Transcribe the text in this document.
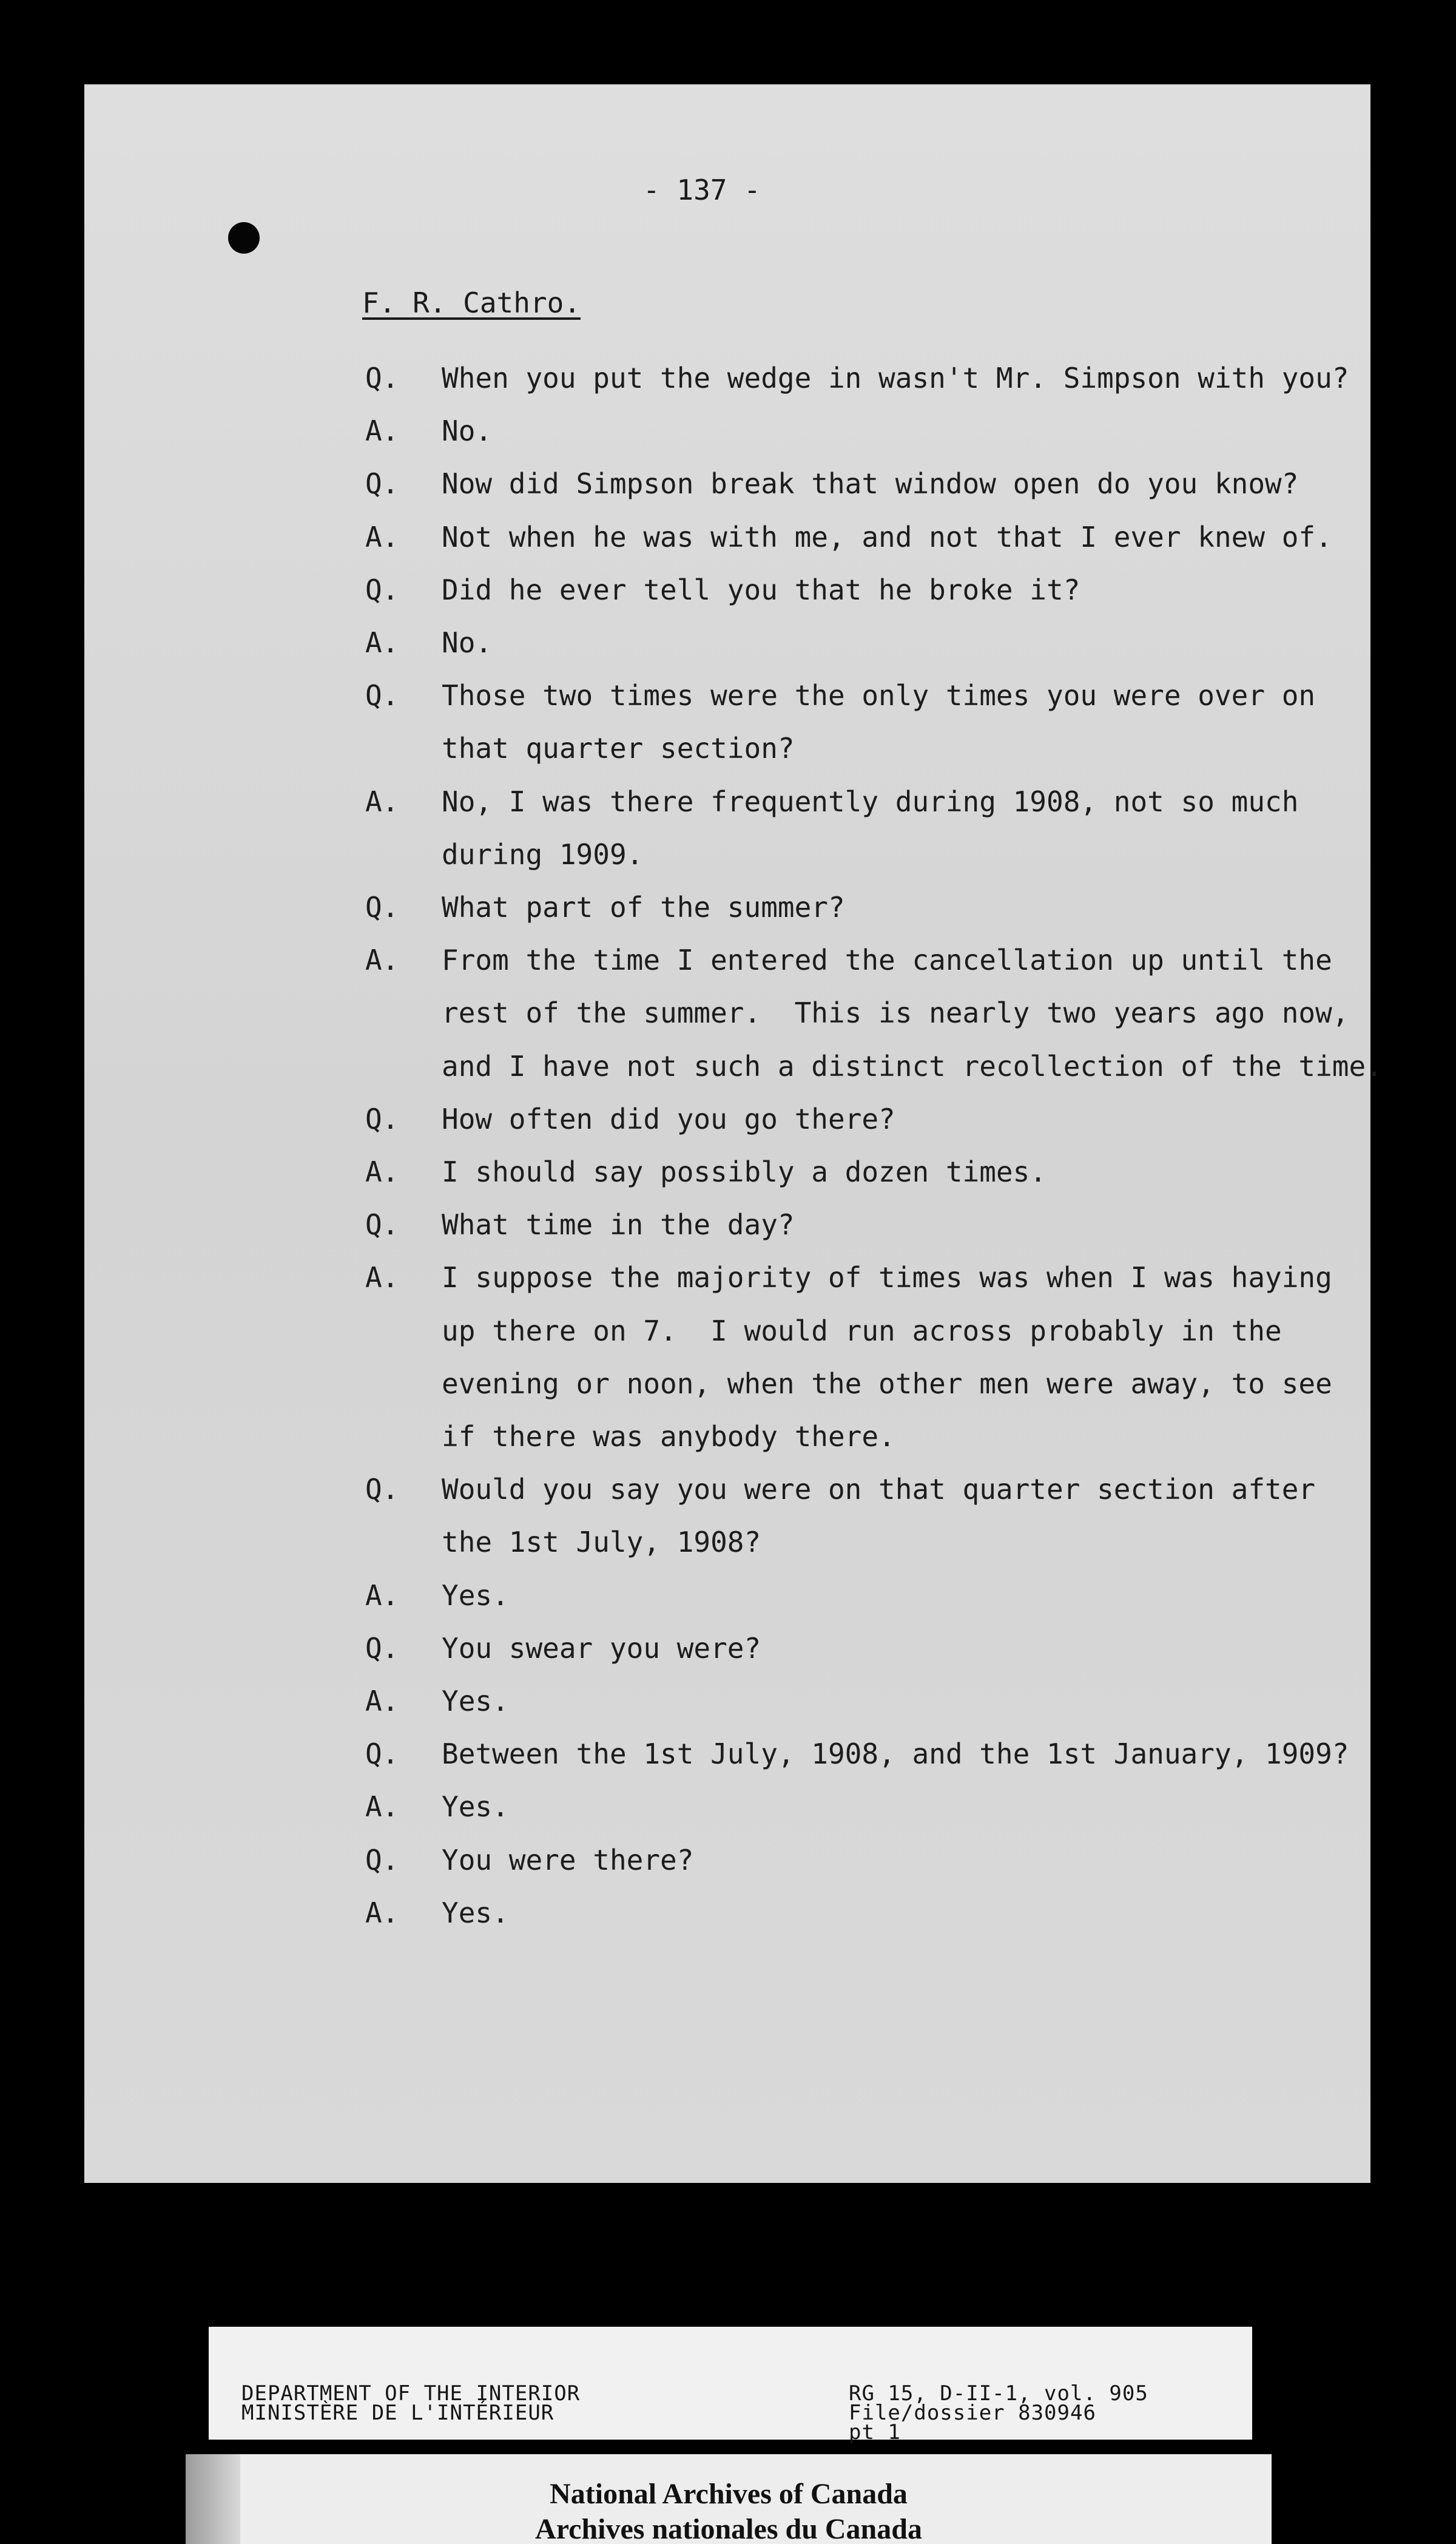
- 137 -
F. R. Cathro.
Q. When you put the wedge in wasn't Mr. Simpson with you?
A. No.
Q. Now did Simpson break that window open do you know?
A. Not when he was with me, and not that I ever knew of.
Q. Did he ever tell you that he broke it?
A. No.
Q. Those two times were the only times you were over on
that quarter section?
A. No, I was there frequently during 1908, not so much
during 1909.
Q. What part of the summer?
A. From the time I entered the cancellation up until the
rest of the summer.  This is nearly two years ago now,
and I have not such a distinct recollection of the time.
Q. How often did you go there?
A. I should say possibly a dozen times.
Q. What time in the day?
A. I suppose the majority of times was when I was haying
up there on 7.  I would run across probably in the
evening or noon, when the other men were away, to see
if there was anybody there.
Q. Would you say you were on that quarter section after
the 1st July, 1908?
A. Yes.
Q. You swear you were?
A. Yes.
Q. Between the 1st July, 1908, and the 1st January, 1909?
A. Yes.
Q. You were there?
A. Yes.
DEPARTMENT OF THE INTERIOR
MINISTÈRE DE L'INTÉRIEUR
RG 15, D-II-1, vol. 905
File/dossier 830946
pt 1
National Archives of Canada
Archives nationales du Canada
